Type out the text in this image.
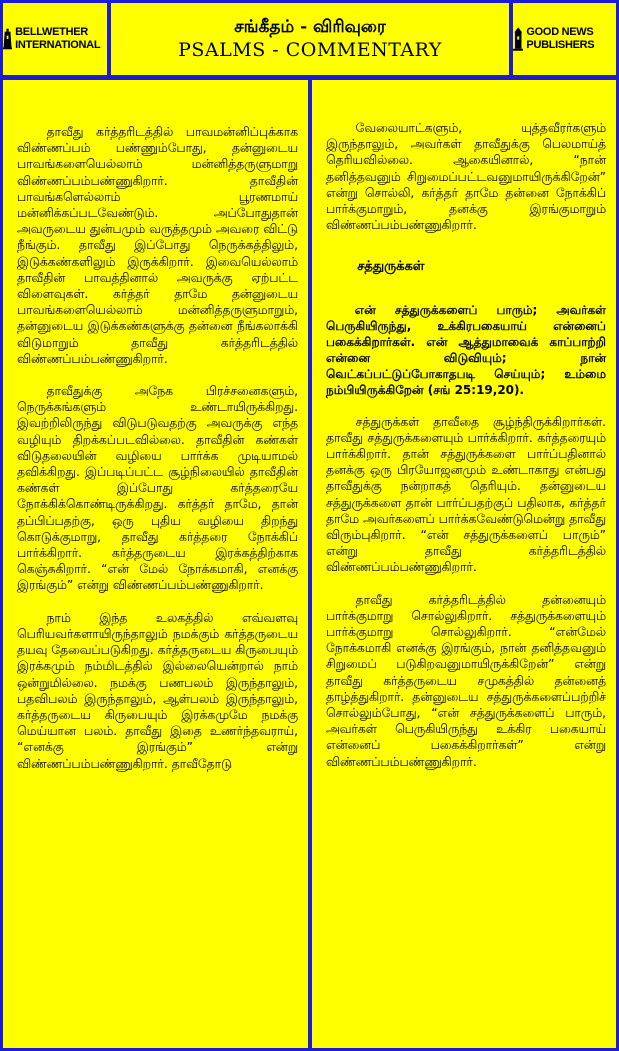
BELLWETHER INTERNATIONAL
சங்கீதம் - விரிவுரை
PSALMS - COMMENTARY
GOOD NEWS PUBLISHERS

தாவீது கர்த்தரிடத்தில் பாவமன்னிப்புக்காக விண்ணப்பம் பண்ணும்போது, தன்னுடைய பாவங்களையெல்லாம் மன்னித்தருளுமாறு விண்ணப்பம்பண்ணுகிறார். தாவீதின் பாவங்களெல்லாம் பூரணமாய் மன்னிக்கப்படவேண்டும். அப்போதுதான் அவருடைய துன்பமும் வருத்தமும் அவரை விட்டு நீங்கும். தாவீது இப்போது நெருக்கத்திலும், இடுக்கண்களிலும் இருக்கிறார். இவையெல்லாம் தாவீதின் பாவத்தினால் அவருக்கு ஏற்பட்ட விளைவுகள். கர்த்தர் தாமே தன்னுடைய பாவங்களையெல்லாம் மன்னித்தருளுமாறும், தன்னுடைய இடுக்கண்களுக்கு தன்னை நீங்கலாக்கி விடுமாறும் தாவீது கர்த்தரிடத்தில் விண்ணப்பம்பண்ணுகிறார்.

தாவீதுக்கு அநேக பிரச்சனைகளும், நெருக்கங்களும் உண்டாயிருக்கிறது. இவற்றிலிருந்து விடுபடுவதற்கு அவருக்கு எந்த வழியும் திறக்கப்படவில்லை. தாவீதின் கண்கள் விடுதலையின் வழியை பார்க்க முடியாமல் தவிக்கிறது. இப்படிப்பட்ட சூழ்நிலையில் தாவீதின் கண்கள் இப்போது கர்த்தரையே நோக்கிக்கொண்டிருக்கிறது. கர்த்தர் தாமே, தான் தப்பிப்பதற்கு, ஒரு புதிய வழியை திறந்து கொடுக்குமாறு, தாவீது கர்த்தரை நோக்கிப் பார்க்கிறார். கர்த்தருடைய இரக்கத்திற்காக கெஞ்சுகிறார். “என் மேல் நோக்கமாகி, எனக்கு இரங்கும்” என்று விண்ணப்பம்பண்ணுகிறார்.

நாம் இந்த உலகத்தில் எவ்வளவு பெரியவர்களாயிருந்தாலும் நமக்கும் கர்த்தருடைய தயவு தேவைப்படுகிறது. கர்த்தருடைய கிருபையும் இரக்கமும் நம்மிடத்தில் இல்லையென்றால் நாம் ஒன்றுமில்லை. நமக்கு பணபலம் இருந்தாலும், பதவிபலம் இருந்தாலும், ஆள்பலம் இருந்தாலும், கர்த்தருடைய கிருபையும் இரக்கமுமே நமக்கு மெய்யான பலம். தாவீது இதை உணர்ந்தவராய், “எனக்கு இரங்கும்” என்று விண்ணப்பம்பண்ணுகிறார். தாவீதோடு

வேலையாட்களும், யுத்தவீரர்களும் இருந்தாலும், அவர்கள் தாவீதுக்கு பெலமாய்த் தெரியவில்லை. ஆகையினால், “நான் தனித்தவனும் சிறுமைப்பட்டவனுமாயிருக்கிறேன்” என்று சொல்லி, கர்த்தர் தாமே தன்னை நோக்கிப் பார்க்குமாறும், தனக்கு இரங்குமாறும் விண்ணப்பம்பண்ணுகிறார்.

சத்துருக்கள்

என் சத்துருக்களைப் பாரும்; அவர்கள் பெருகியிருந்து, உக்கிரபகையாய் என்னைப் பகைக்கிறார்கள். என் ஆத்துமாவைக் காப்பாற்றி என்னை விடுவியும்; நான் வெட்கப்பட்டுப்போகாதபடி செய்யும்; உம்மை நம்பியிருக்கிறேன் (சங் 25:19,20).

சத்துருக்கள் தாவீதை சூழ்ந்திருக்கிறார்கள். தாவீது சத்துருக்களையும் பார்க்கிறார். கர்த்தரையும் பார்க்கிறார். தான் சத்துருக்களை பார்ப்பதினால் தனக்கு ஒரு பிரயோஜனமும் உண்டாகாது என்பது தாவீதுக்கு நன்றாகத் தெரியும். தன்னுடைய சத்துருக்களை தான் பார்ப்பதற்குப் பதிலாக, கர்த்தர் தாமே அவர்களைப் பார்க்கவேண்டுமென்று தாவீது விரும்புகிறார். “என் சத்துருக்களைப் பாரும்” என்று தாவீது கர்த்தரிடத்தில் விண்ணப்பம்பண்ணுகிறார்.

தாவீது கர்த்தரிடத்தில் தன்னையும் பார்க்குமாறு சொல்லுகிறார். சத்துருக்களையும் பார்க்குமாறு சொல்லுகிறார். “என்மேல் நோக்கமாகி எனக்கு இரங்கும், நான் தனித்தவனும் சிறுமைப் படுகிறவனுமாயிருக்கிறேன்” என்று தாவீது கர்த்தருடைய சமுகத்தில் தன்னைத் தாழ்த்துகிறார். தன்னுடைய சத்துருக்களைப்பற்றிச் சொல்லும்போது, “என் சத்துருக்களைப் பாரும், அவர்கள் பெருகியிருந்து உக்கிர பகையாய் என்னைப் பகைக்கிறார்கள்” என்று விண்ணப்பம்பண்ணுகிறார்.
